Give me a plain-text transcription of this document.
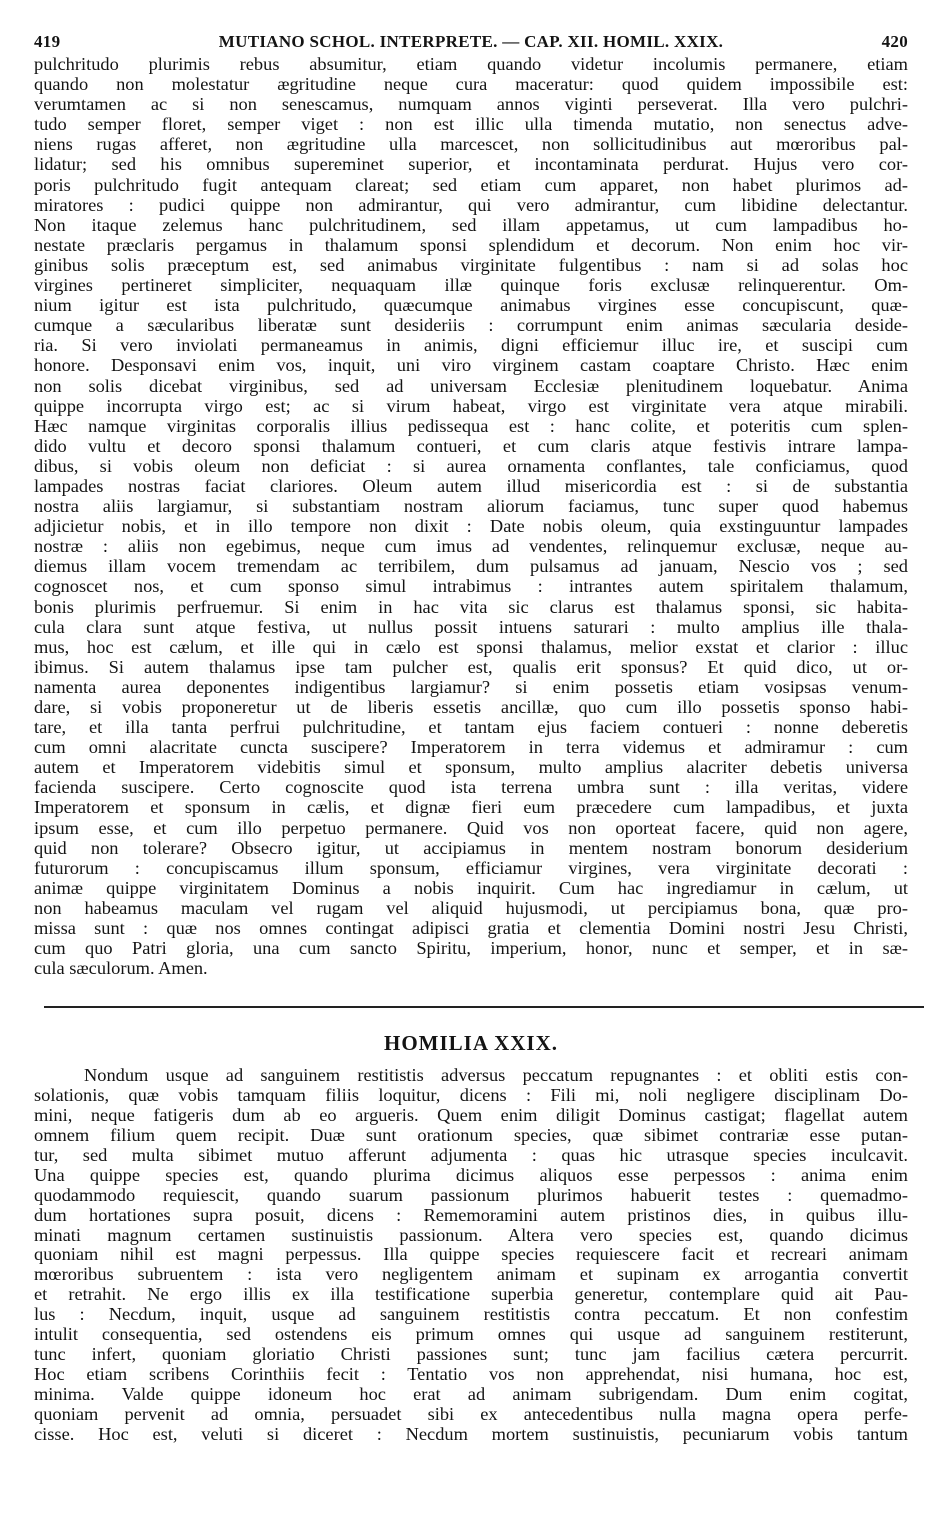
419	MUTIANO SCHOL. INTERPRETE. — CAP. XII. HOMIL. XXIX.	420
pulchritudo plurimis rebus absumitur, etiam quando videtur incolumis permanere, etiam
quando non molestatur ægritudine neque cura maceratur: quod quidem impossibile est:
verumtamen ac si non senescamus, numquam annos viginti perseverat. Illa vero pulchri-
tudo semper floret, semper viget : non est illic ulla timenda mutatio, non senectus adve-
niens rugas afferet, non ægritudine ulla marcescet, non sollicitudinibus aut mœroribus pal-
lidatur; sed his omnibus supereminet superior, et incontaminata perdurat. Hujus vero cor-
poris pulchritudo fugit antequam clareat; sed etiam cum apparet, non habet plurimos ad-
miratores : pudici quippe non admirantur, qui vero admirantur, cum libidine delectantur.
Non itaque zelemus hanc pulchritudinem, sed illam appetamus, ut cum lampadibus ho-
nestate præclaris pergamus in thalamum sponsi splendidum et decorum. Non enim hoc vir-
ginibus solis præceptum est, sed animabus virginitate fulgentibus : nam si ad solas hoc
virgines pertineret simpliciter, nequaquam illæ quinque foris exclusæ relinquerentur. Om-
nium igitur est ista pulchritudo, quæcumque animabus virgines esse concupiscunt, quæ-
cumque a sæcularibus liberatæ sunt desideriis : corrumpunt enim animas sæcularia deside-
ria. Si vero inviolati permaneamus in animis, digni efficiemur illuc ire, et suscipi cum
honore. Desponsavi enim vos, inquit, uni viro virginem castam coaptare Christo. Hæc enim
non solis dicebat virginibus, sed ad universam Ecclesiæ plenitudinem loquebatur. Anima
quippe incorrupta virgo est; ac si virum habeat, virgo est virginitate vera atque mirabili.
Hæc namque virginitas corporalis illius pedissequa est : hanc colite, et poteritis cum splen-
dido vultu et decoro sponsi thalamum contueri, et cum claris atque festivis intrare lampa-
dibus, si vobis oleum non deficiat : si aurea ornamenta conflantes, tale conficiamus, quod
lampades nostras faciat clariores. Oleum autem illud misericordia est : si de substantia
nostra aliis largiamur, si substantiam nostram aliorum faciamus, tunc super quod habemus
adjicietur nobis, et in illo tempore non dixit : Date nobis oleum, quia exstinguuntur lampades
nostræ : aliis non egebimus, neque cum imus ad vendentes, relinquemur exclusæ, neque au-
diemus illam vocem tremendam ac terribilem, dum pulsamus ad januam, Nescio vos ; sed
cognoscet nos, et cum sponso simul intrabimus : intrantes autem spiritalem thalamum,
bonis plurimis perfruemur. Si enim in hac vita sic clarus est thalamus sponsi, sic habita-
cula clara sunt atque festiva, ut nullus possit intuens saturari : multo amplius ille thala-
mus, hoc est cælum, et ille qui in cælo est sponsi thalamus, melior exstat et clarior : illuc
ibimus. Si autem thalamus ipse tam pulcher est, qualis erit sponsus? Et quid dico, ut or-
namenta aurea deponentes indigentibus largiamur? si enim possetis etiam vosipsas venum-
dare, si vobis proponeretur ut de liberis essetis ancillæ, quo cum illo possetis sponso habi-
tare, et illa tanta perfrui pulchritudine, et tantam ejus faciem contueri : nonne deberetis
cum omni alacritate cuncta suscipere? Imperatorem in terra videmus et admiramur : cum
autem et Imperatorem videbitis simul et sponsum, multo amplius alacriter debetis universa
facienda suscipere. Certo cognoscite quod ista terrena umbra sunt : illa veritas, videre
Imperatorem et sponsum in cælis, et dignæ fieri eum præcedere cum lampadibus, et juxta
ipsum esse, et cum illo perpetuo permanere. Quid vos non oporteat facere, quid non agere,
quid non tolerare? Obsecro igitur, ut accipiamus in mentem nostram bonorum desiderium
futurorum : concupiscamus illum sponsum, efficiamur virgines, vera virginitate decorati :
animæ quippe virginitatem Dominus a nobis inquirit. Cum hac ingrediamur in cælum, ut
non habeamus maculam vel rugam vel aliquid hujusmodi, ut percipiamus bona, quæ pro-
missa sunt : quæ nos omnes contingat adipisci gratia et clementia Domini nostri Jesu Christi,
cum quo Patri gloria, una cum sancto Spiritu, imperium, honor, nunc et semper, et in sæ-
cula sæculorum. Amen.
HOMILIA XXIX.
Nondum usque ad sanguinem restitistis adversus peccatum repugnantes : et obliti estis con-
solationis, quæ vobis tamquam filiis loquitur, dicens : Fili mi, noli negligere disciplinam Do-
mini, neque fatigeris dum ab eo argueris. Quem enim diligit Dominus castigat; flagellat autem
omnem filium quem recipit. Duæ sunt orationum species, quæ sibimet contrariæ esse putan-
tur, sed multa sibimet mutuo afferunt adjumenta : quas hic utrasque species inculcavit.
Una quippe species est, quando plurima dicimus aliquos esse perpessos : anima enim
quodammodo requiescit, quando suarum passionum plurimos habuerit testes : quemadmo-
dum hortationes supra posuit, dicens : Rememoramini autem pristinos dies, in quibus illu-
minati magnum certamen sustinuistis passionum. Altera vero species est, quando dicimus
quoniam nihil est magni perpessus. Illa quippe species requiescere facit et recreari animam
mœroribus subruentem : ista vero negligentem animam et supinam ex arrogantia convertit
et retrahit. Ne ergo illis ex illa testificatione superbia generetur, contemplare quid ait Pau-
lus : Necdum, inquit, usque ad sanguinem restitistis contra peccatum. Et non confestim
intulit consequentia, sed ostendens eis primum omnes qui usque ad sanguinem restiterunt,
tunc infert, quoniam gloriatio Christi passiones sunt; tunc jam facilius cætera percurrit.
Hoc etiam scribens Corinthiis fecit : Tentatio vos non apprehendat, nisi humana, hoc est,
minima. Valde quippe idoneum hoc erat ad animam subrigendam. Dum enim cogitat,
quoniam pervenit ad omnia, persuadet sibi ex antecedentibus nulla magna opera perfe-
cisse. Hoc est, veluti si diceret : Necdum mortem sustinuistis, pecuniarum vobis tantum
